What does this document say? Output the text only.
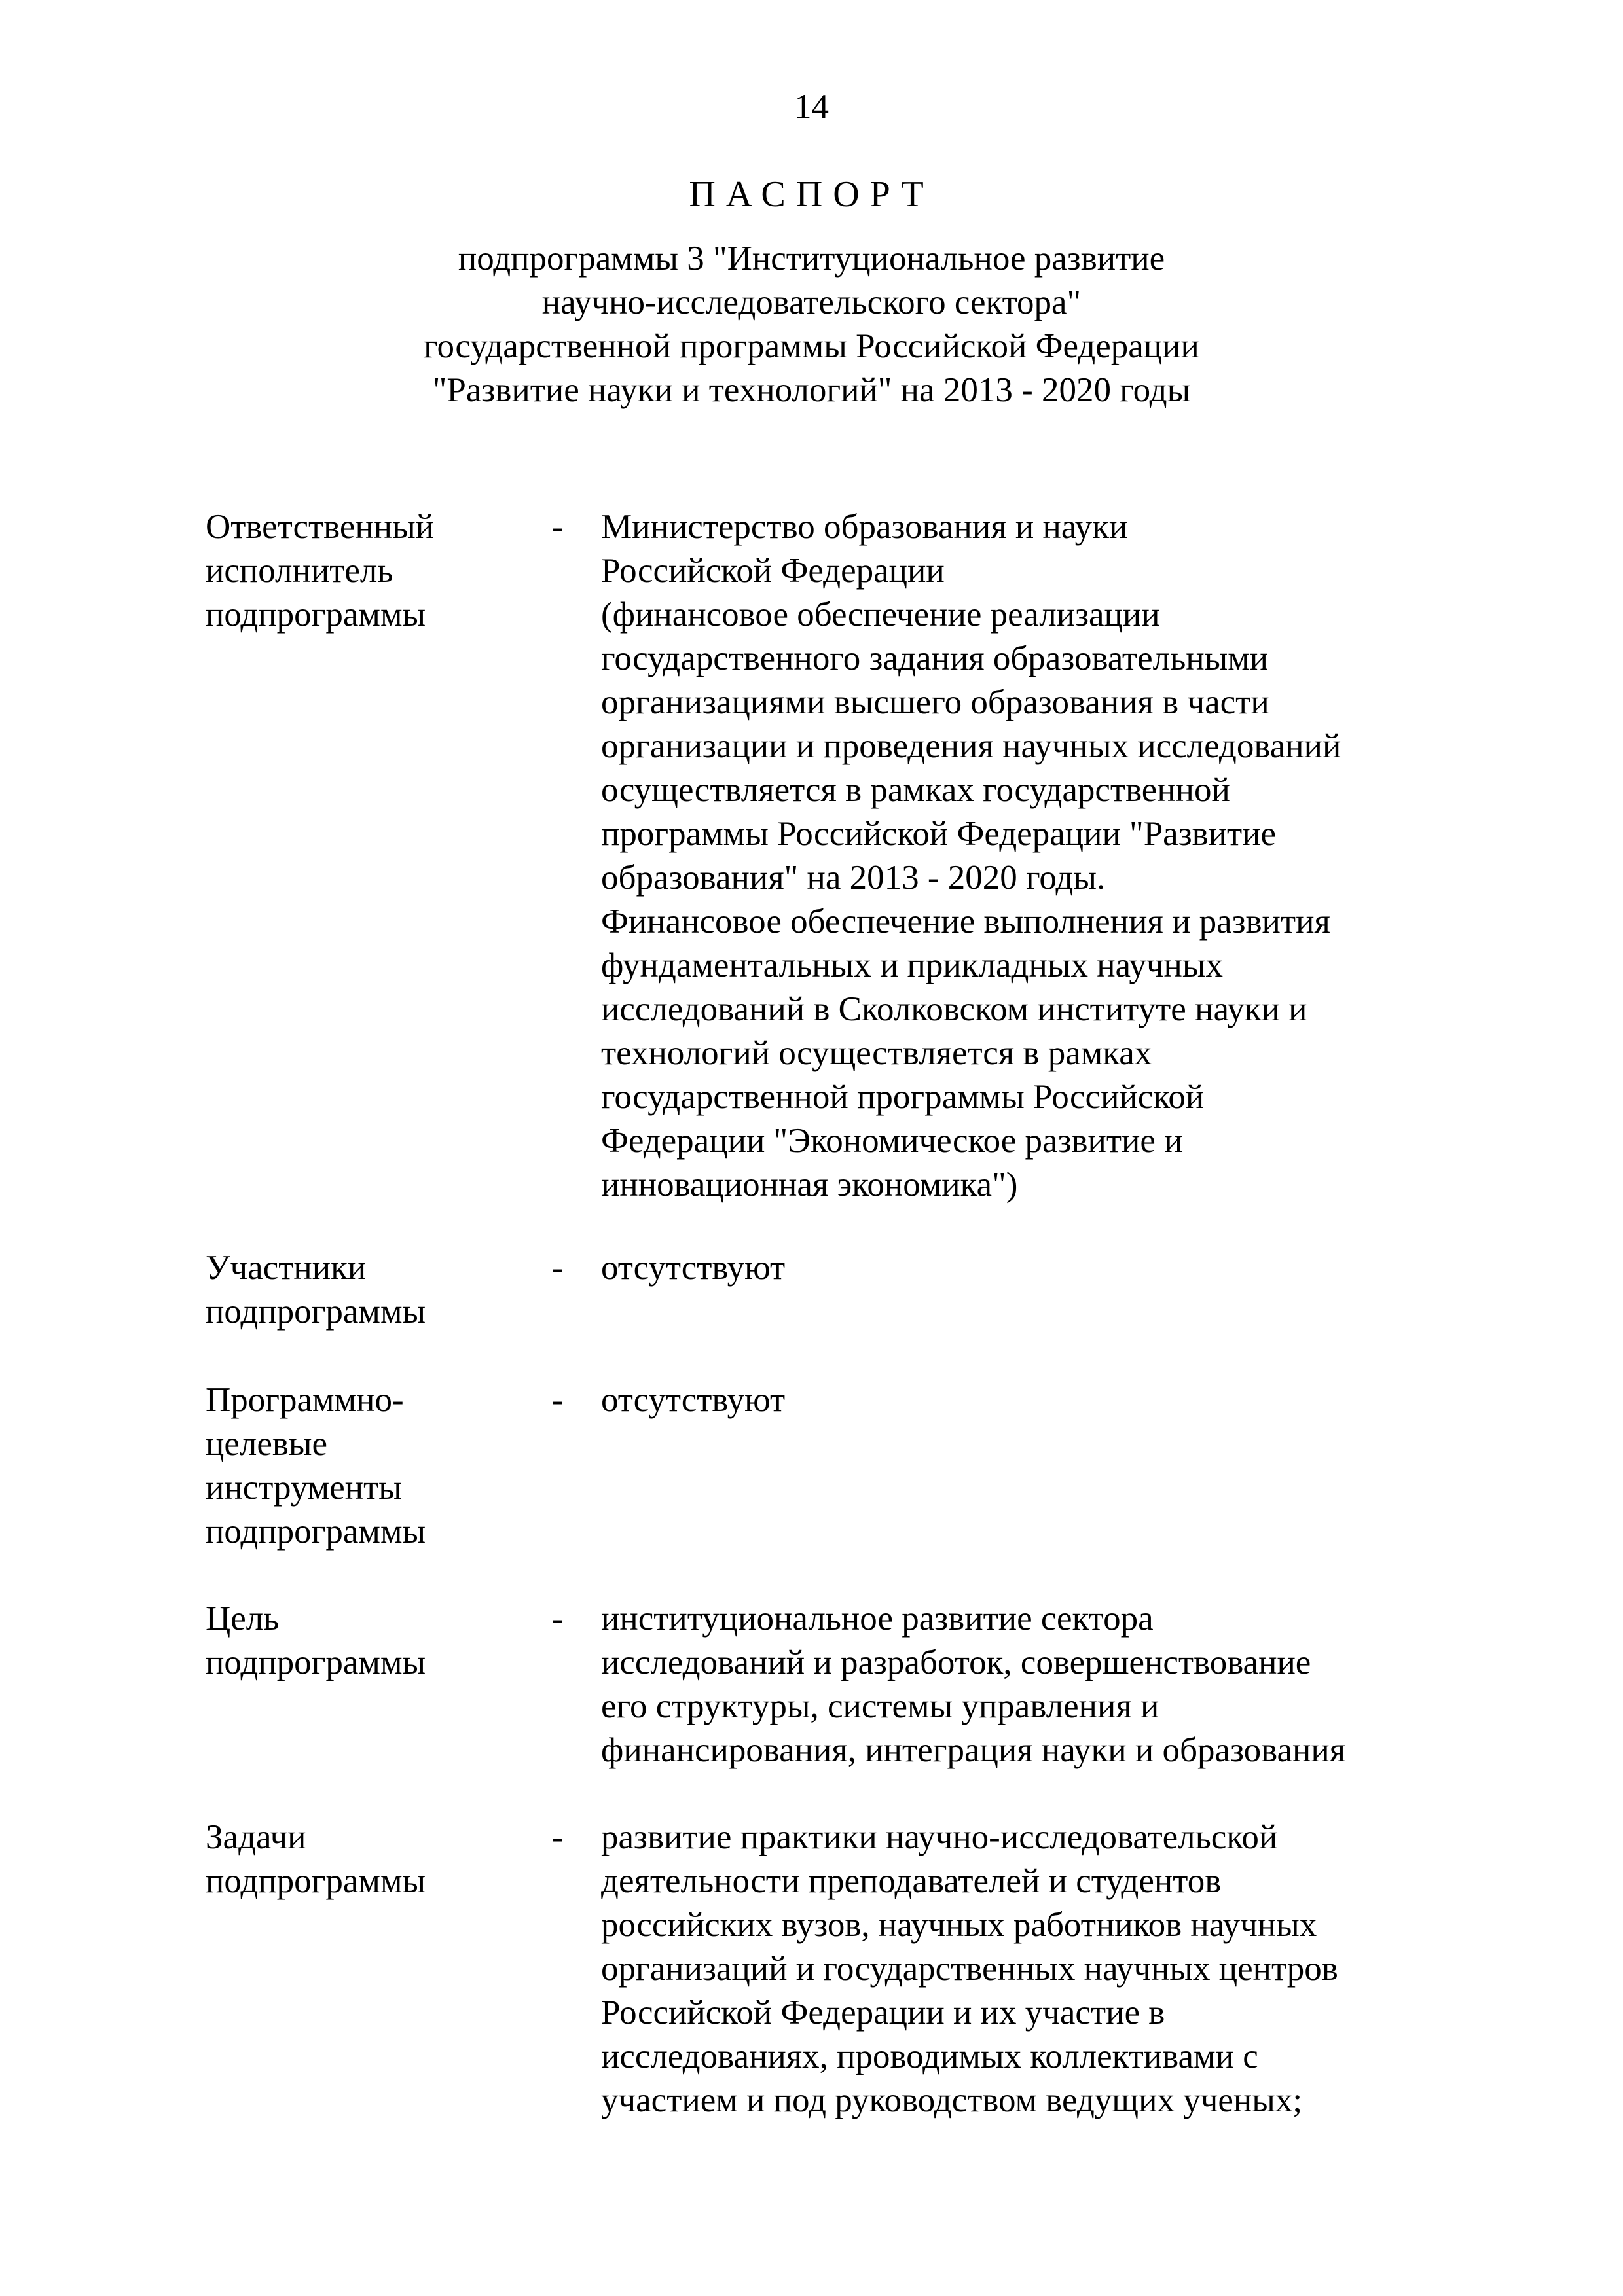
14
ПАСПОРТ
подпрограммы 3 "Институциональное развитие
научно-исследовательского сектора"
государственной программы Российской Федерации
"Развитие науки и технологий" на 2013 - 2020 годы
Ответственный
исполнитель
подпрограммы
- Министерство образования и науки
Российской Федерации
(финансовое обеспечение реализации
государственного задания образовательными
организациями высшего образования в части
организации и проведения научных исследований
осуществляется в рамках государственной
программы Российской Федерации "Развитие
образования" на 2013 - 2020 годы.
Финансовое обеспечение выполнения и развития
фундаментальных и прикладных научных
исследований в Сколковском институте науки и
технологий осуществляется в рамках
государственной программы Российской
Федерации "Экономическое развитие и
инновационная экономика")
Участники
подпрограммы
- отсутствуют
Программно-
целевые
инструменты
подпрограммы
- отсутствуют
Цель
подпрограммы
- институциональное развитие сектора
исследований и разработок, совершенствование
его структуры, системы управления и
финансирования, интеграция науки и образования
Задачи
подпрограммы
- развитие практики научно-исследовательской
деятельности преподавателей и студентов
российских вузов, научных работников научных
организаций и государственных научных центров
Российской Федерации и их участие в
исследованиях, проводимых коллективами с
участием и под руководством ведущих ученых;
